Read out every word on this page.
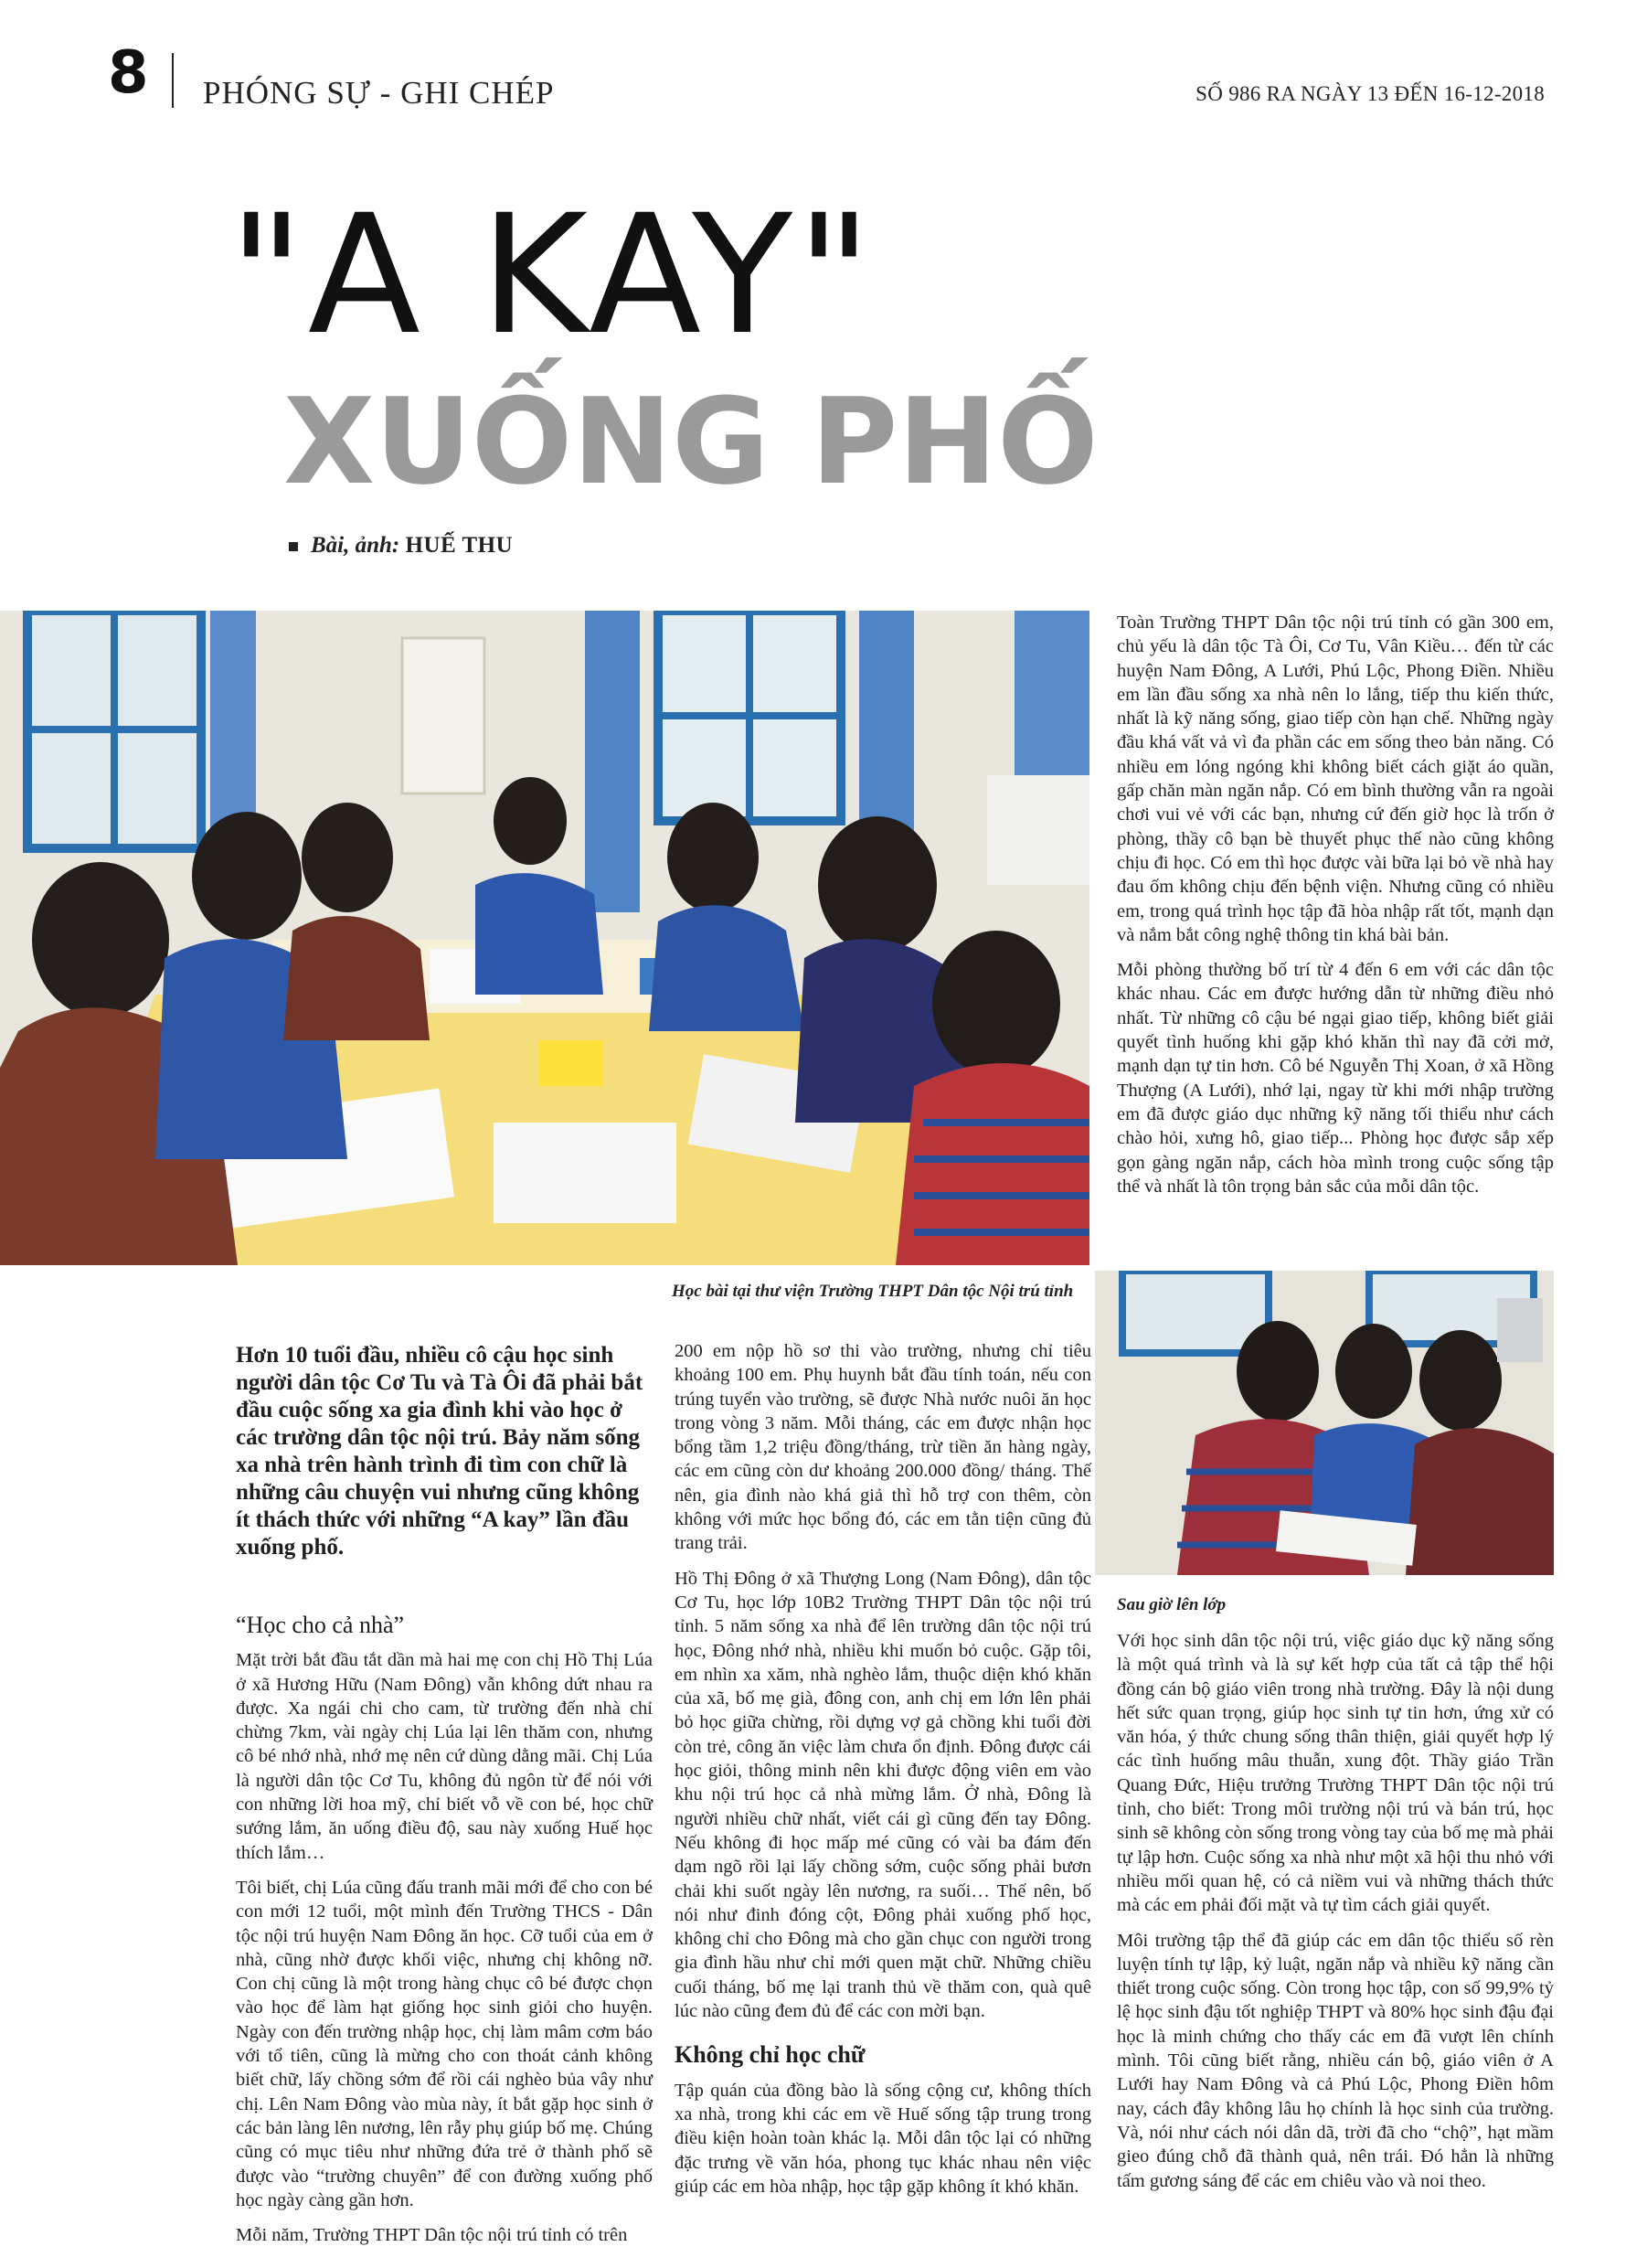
8 PHÓNG SỰ - GHI CHÉP	SỐ 986 RA NGÀY 13 ĐẾN 16-12-2018
"A KAY"
XUỐNG PHỐ
Bài, ảnh: HUẾ THU
Học bài tại thư viện Trường THPT Dân tộc Nội trú tỉnh

Toàn Trường THPT Dân tộc nội trú tỉnh có gần 300 em, chủ yếu là dân tộc Tà Ôi, Cơ Tu, Vân Kiều… đến từ các huyện Nam Đông, A Lưới, Phú Lộc, Phong Điền. Nhiều em lần đầu sống xa nhà nên lo lắng, tiếp thu kiến thức, nhất là kỹ năng sống, giao tiếp còn hạn chế. Những ngày đầu khá vất vả vì đa phần các em sống theo bản năng. Có nhiều em lóng ngóng khi không biết cách giặt áo quần, gấp chăn màn ngăn nắp. Có em bình thường vẫn ra ngoài chơi vui vẻ với các bạn, nhưng cứ đến giờ học là trốn ở phòng, thầy cô bạn bè thuyết phục thế nào cũng không chịu đi học. Có em thì học được vài bữa lại bỏ về nhà hay đau ốm không chịu đến bệnh viện. Nhưng cũng có nhiều em, trong quá trình học tập đã hòa nhập rất tốt, mạnh dạn và nắm bắt công nghệ thông tin khá bài bản.

Mỗi phòng thường bố trí từ 4 đến 6 em với các dân tộc khác nhau. Các em được hướng dẫn từ những điều nhỏ nhất. Từ những cô cậu bé ngại giao tiếp, không biết giải quyết tình huống khi gặp khó khăn thì nay đã cởi mở, mạnh dạn tự tin hơn. Cô bé Nguyễn Thị Xoan, ở xã Hồng Thượng (A Lưới), nhớ lại, ngay từ khi mới nhập trường em đã được giáo dục những kỹ năng tối thiểu như cách chào hỏi, xưng hô, giao tiếp... Phòng học được sắp xếp gọn gàng ngăn nắp, cách hòa mình trong cuộc sống tập thể và nhất là tôn trọng bản sắc của mỗi dân tộc.

Sau giờ lên lớp
Hơn 10 tuổi đầu, nhiều cô cậu học sinh người dân tộc Cơ Tu và Tà Ôi đã phải bắt đầu cuộc sống xa gia đình khi vào học ở các trường dân tộc nội trú. Bảy năm sống xa nhà trên hành trình đi tìm con chữ là những câu chuyện vui nhưng cũng không ít thách thức với những “A kay” lần đầu xuống phố.

“Học cho cả nhà”

Mặt trời bắt đầu tắt dần mà hai mẹ con chị Hồ Thị Lúa ở xã Hương Hữu (Nam Đông) vẫn không dứt nhau ra được. Xa ngái chi cho cam, từ trường đến nhà chỉ chừng 7km, vài ngày chị Lúa lại lên thăm con, nhưng cô bé nhớ nhà, nhớ mẹ nên cứ dùng dằng mãi. Chị Lúa là người dân tộc Cơ Tu, không đủ ngôn từ để nói với con những lời hoa mỹ, chỉ biết vỗ về con bé, học chữ sướng lắm, ăn uống điều độ, sau này xuống Huế học thích lắm…

Tôi biết, chị Lúa cũng đấu tranh mãi mới để cho con bé con mới 12 tuổi, một mình đến Trường THCS - Dân tộc nội trú huyện Nam Đông ăn học. Cỡ tuổi của em ở nhà, cũng nhờ được khối việc, nhưng chị không nỡ. Con chị cũng là một trong hàng chục cô bé được chọn vào học để làm hạt giống học sinh giỏi cho huyện. Ngày con đến trường nhập học, chị làm mâm cơm báo với tổ tiên, cũng là mừng cho con thoát cảnh không biết chữ, lấy chồng sớm để rồi cái nghèo bủa vây như chị. Lên Nam Đông vào mùa này, ít bắt gặp học sinh ở các bản làng lên nương, lên rẫy phụ giúp bố mẹ. Chúng cũng có mục tiêu như những đứa trẻ ở thành phố sẽ được vào “trường chuyên” để con đường xuống phố học ngày càng gần hơn.

Mỗi năm, Trường THPT Dân tộc nội trú tỉnh có trên

200 em nộp hồ sơ thi vào trường, nhưng chỉ tiêu khoảng 100 em. Phụ huynh bắt đầu tính toán, nếu con trúng tuyển vào trường, sẽ được Nhà nước nuôi ăn học trong vòng 3 năm. Mỗi tháng, các em được nhận học bổng tầm 1,2 triệu đồng/tháng, trừ tiền ăn hàng ngày, các em cũng còn dư khoảng 200.000 đồng/ tháng. Thế nên, gia đình nào khá giả thì hỗ trợ con thêm, còn không với mức học bổng đó, các em tằn tiện cũng đủ trang trải.

Hồ Thị Đông ở xã Thượng Long (Nam Đông), dân tộc Cơ Tu, học lớp 10B2 Trường THPT Dân tộc nội trú tỉnh. 5 năm sống xa nhà để lên trường dân tộc nội trú học, Đông nhớ nhà, nhiều khi muốn bỏ cuộc. Gặp tôi, em nhìn xa xăm, nhà nghèo lắm, thuộc diện khó khăn của xã, bố mẹ già, đông con, anh chị em lớn lên phải bỏ học giữa chừng, rồi dựng vợ gả chồng khi tuổi đời còn trẻ, công ăn việc làm chưa ổn định. Đông được cái học giỏi, thông minh nên khi được động viên em vào khu nội trú học cả nhà mừng lắm. Ở nhà, Đông là người nhiều chữ nhất, viết cái gì cũng đến tay Đông. Nếu không đi học mấp mé cũng có vài ba đám đến dạm ngõ rồi lại lấy chồng sớm, cuộc sống phải bươn chải khi suốt ngày lên nương, ra suối… Thế nên, bố nói như đinh đóng cột, Đông phải xuống phố học, không chỉ cho Đông mà cho gần chục con người trong gia đình hầu như chỉ mới quen mặt chữ. Những chiều cuối tháng, bố mẹ lại tranh thủ về thăm con, quà quê lúc nào cũng đem đủ để các con mời bạn.

Không chỉ học chữ

Tập quán của đồng bào là sống cộng cư, không thích xa nhà, trong khi các em về Huế sống tập trung trong điều kiện hoàn toàn khác lạ. Mỗi dân tộc lại có những đặc trưng về văn hóa, phong tục khác nhau nên việc giúp các em hòa nhập, học tập gặp không ít khó khăn.

Với học sinh dân tộc nội trú, việc giáo dục kỹ năng sống là một quá trình và là sự kết hợp của tất cả tập thể hội đồng cán bộ giáo viên trong nhà trường. Đây là nội dung hết sức quan trọng, giúp học sinh tự tin hơn, ứng xử có văn hóa, ý thức chung sống thân thiện, giải quyết hợp lý các tình huống mâu thuẫn, xung đột. Thầy giáo Trần Quang Đức, Hiệu trưởng Trường THPT Dân tộc nội trú tỉnh, cho biết: Trong môi trường nội trú và bán trú, học sinh sẽ không còn sống trong vòng tay của bố mẹ mà phải tự lập hơn. Cuộc sống xa nhà như một xã hội thu nhỏ với nhiều mối quan hệ, có cả niềm vui và những thách thức mà các em phải đối mặt và tự tìm cách giải quyết.

Môi trường tập thể đã giúp các em dân tộc thiểu số rèn luyện tính tự lập, kỷ luật, ngăn nắp và nhiều kỹ năng cần thiết trong cuộc sống. Còn trong học tập, con số 99,9% tỷ lệ học sinh đậu tốt nghiệp THPT và 80% học sinh đậu đại học là minh chứng cho thấy các em đã vượt lên chính mình. Tôi cũng biết rằng, nhiều cán bộ, giáo viên ở A Lưới hay Nam Đông và cả Phú Lộc, Phong Điền hôm nay, cách đây không lâu họ chính là học sinh của trường. Và, nói như cách nói dân dã, trời đã cho “chộ”, hạt mầm gieo đúng chỗ đã thành quả, nên trái. Đó hẳn là những tấm gương sáng để các em chiêu vào và noi theo.
